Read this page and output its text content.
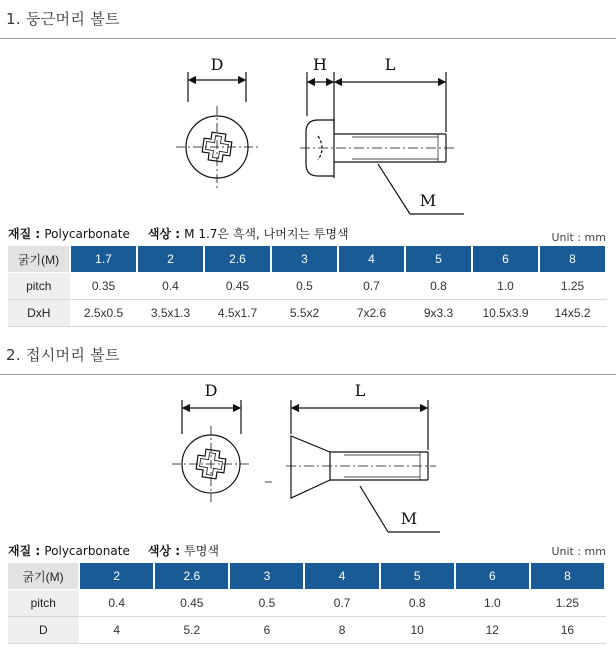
1. 둥근머리 볼트
D	H	L
M
재질 : Polycarbonate 색상 : M 1.7은 흑색, 나머지는 투명색	Unit : mm
굵기(M)	1.7	2	2.6	3	4	5	6	8
pitch	0.35	0.4	0.45	0.5	0.7	0.8	1.0	1.25
DxH	2.5x0.5	3.5x1.3	4.5x1.7	5.5x2	7x2.6	9x3.3	10.5x3.9	14x5.2
2. 접시머리 볼트
D	L
M
재질 : Polycarbonate 색상 : 투명색	Unit : mm
굵기(M)	2	2.6	3	4	5	6	8
pitch	0.4	0.45	0.5	0.7	0.8	1.0	1.25
D	4	5.2	6	8	10	12	16
